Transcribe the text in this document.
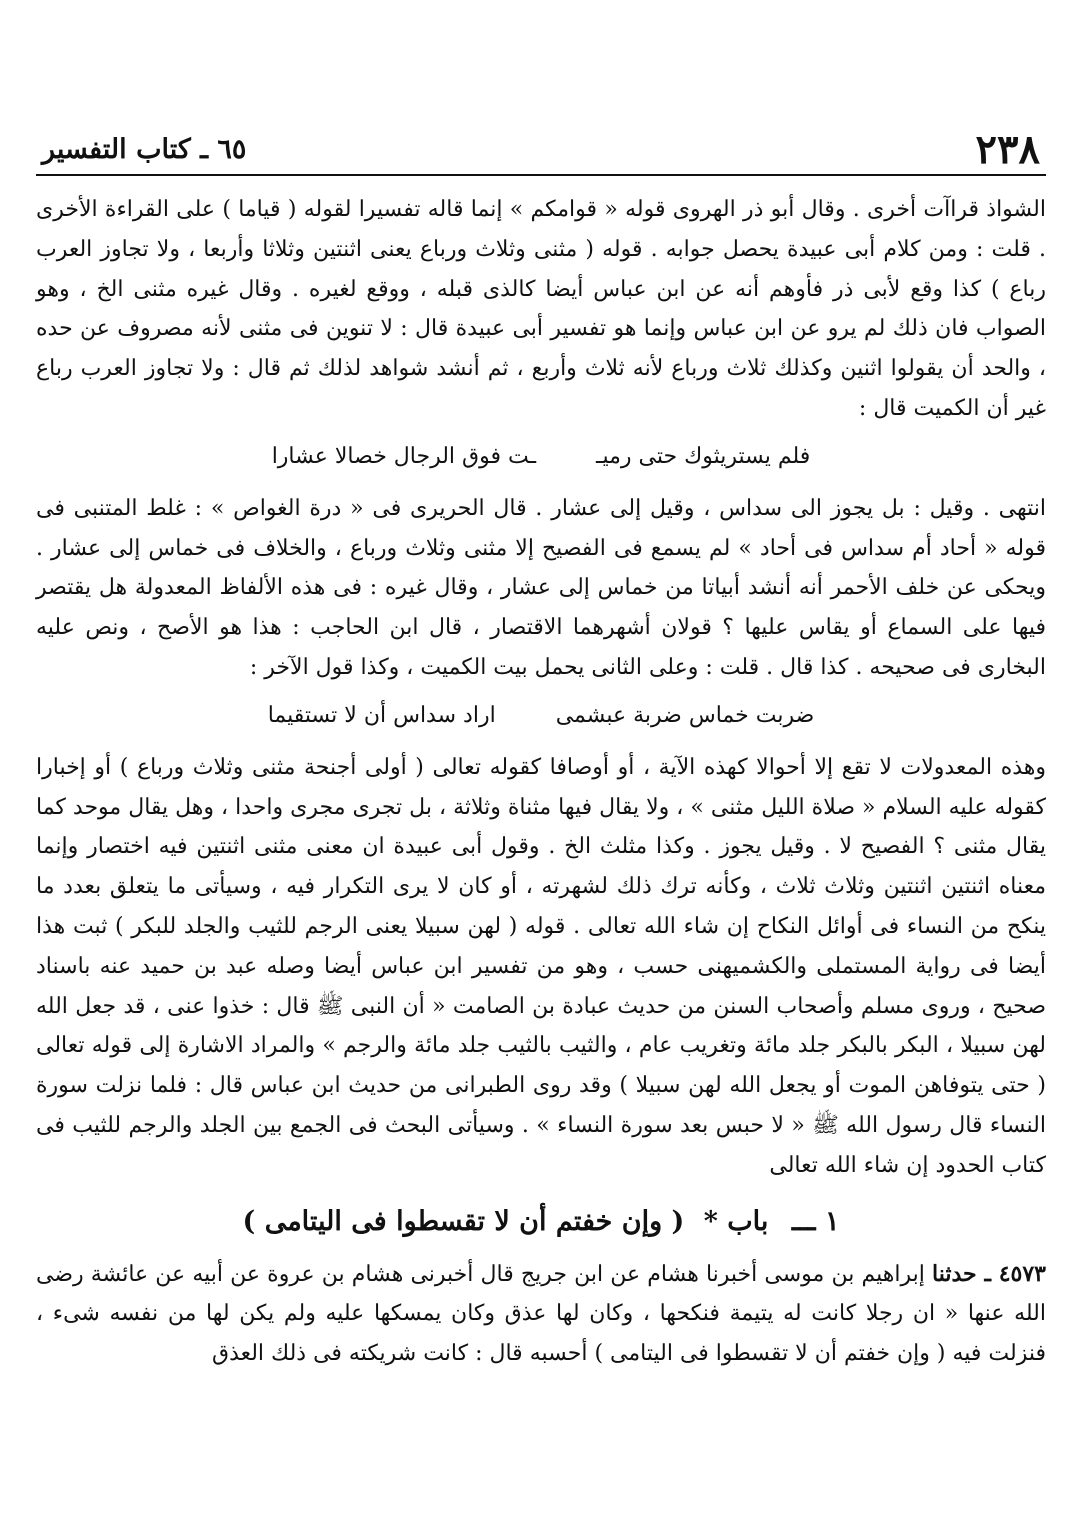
٢٣٨
٦٥ ـ كتاب التفسير

الشواذ قراآت أخرى . وقال أبو ذر الهروى قوله « قوامكم » إنما قاله تفسيرا لقوله ( قياما ) على القراءة الأخرى . قلت : ومن كلام أبى عبيدة يحصل جوابه . قوله ( مثنى وثلاث ورباع يعنى اثنتين وثلاثا وأربعا ، ولا تجاوز العرب رباع ) كذا وقع لأبى ذر فأوهم أنه عن ابن عباس أيضا كالذى قبله ، ووقع لغيره . وقال غيره مثنى الخ ، وهو الصواب فان ذلك لم يرو عن ابن عباس وإنما هو تفسير أبى عبيدة قال : لا تنوين فى مثنى لأنه مصروف عن حده ، والحد أن يقولوا اثنين وكذلك ثلاث ورباع لأنه ثلاث وأربع ، ثم أنشد شواهد لذلك ثم قال : ولا تجاوز العرب رباع غير أن الكميت قال :

فلم يستريثوك حتى رميـ
ـت فوق الرجال خصالا عشارا

انتهى . وقيل : بل يجوز الى سداس ، وقيل إلى عشار . قال الحريرى فى « درة الغواص » : غلط المتنبى فى قوله « أحاد أم سداس فى أحاد » لم يسمع فى الفصيح إلا مثنى وثلاث ورباع ، والخلاف فى خماس إلى عشار . ويحكى عن خلف الأحمر أنه أنشد أبياتا من خماس إلى عشار ، وقال غيره : فى هذه الألفاظ المعدولة هل يقتصر فيها على السماع أو يقاس عليها ؟ قولان أشهرهما الاقتصار ، قال ابن الحاجب : هذا هو الأصح ، ونص عليه البخارى فى صحيحه . كذا قال . قلت : وعلى الثانى يحمل بيت الكميت ، وكذا قول الآخر :

ضربت خماس ضربة عبشمى
اراد سداس أن لا تستقيما

وهذه المعدولات لا تقع إلا أحوالا كهذه الآية ، أو أوصافا كقوله تعالى ( أولى أجنحة مثنى وثلاث ورباع ) أو إخبارا كقوله عليه السلام « صلاة الليل مثنى » ، ولا يقال فيها مثناة وثلاثة ، بل تجرى مجرى واحدا ، وهل يقال موحد كما يقال مثنى ؟ الفصيح لا . وقيل يجوز . وكذا مثلث الخ . وقول أبى عبيدة ان معنى مثنى اثنتين فيه اختصار وإنما معناه اثنتين اثنتين وثلاث ثلاث ، وكأنه ترك ذلك لشهرته ، أو كان لا يرى التكرار فيه ، وسيأتى ما يتعلق بعدد ما ينكح من النساء فى أوائل النكاح إن شاء الله تعالى . قوله ( لهن سبيلا يعنى الرجم للثيب والجلد للبكر ) ثبت هذا أيضا فى رواية المستملى والكشميهنى حسب ، وهو من تفسير ابن عباس أيضا وصله عبد بن حميد عنه باسناد صحيح ، وروى مسلم وأصحاب السنن من حديث عبادة بن الصامت « أن النبى ﷺ قال : خذوا عنى ، قد جعل الله لهن سبيلا ، البكر بالبكر جلد مائة وتغريب عام ، والثيب بالثيب جلد مائة والرجم » والمراد الاشارة إلى قوله تعالى ( حتى يتوفاهن الموت أو يجعل الله لهن سبيلا ) وقد روى الطبرانى من حديث ابن عباس قال : فلما نزلت سورة النساء قال رسول الله ﷺ « لا حبس بعد سورة النساء » . وسيأتى البحث فى الجمع بين الجلد والرجم للثيب فى كتاب الحدود إن شاء الله تعالى

١ ـــ باب * ( وإن خفتم أن لا تقسطوا فى اليتامى )

٤٥٧٣ ـ حدثنا إبراهيم بن موسى أخبرنا هشام عن ابن جريج قال أخبرنى هشام بن عروة عن أبيه عن عائشة رضى الله عنها « ان رجلا كانت له يتيمة فنكحها ، وكان لها عذق وكان يمسكها عليه ولم يكن لها من نفسه شىء ، فنزلت فيه ( وإن خفتم أن لا تقسطوا فى اليتامى ) أحسبه قال : كانت شريكته فى ذلك العذق
